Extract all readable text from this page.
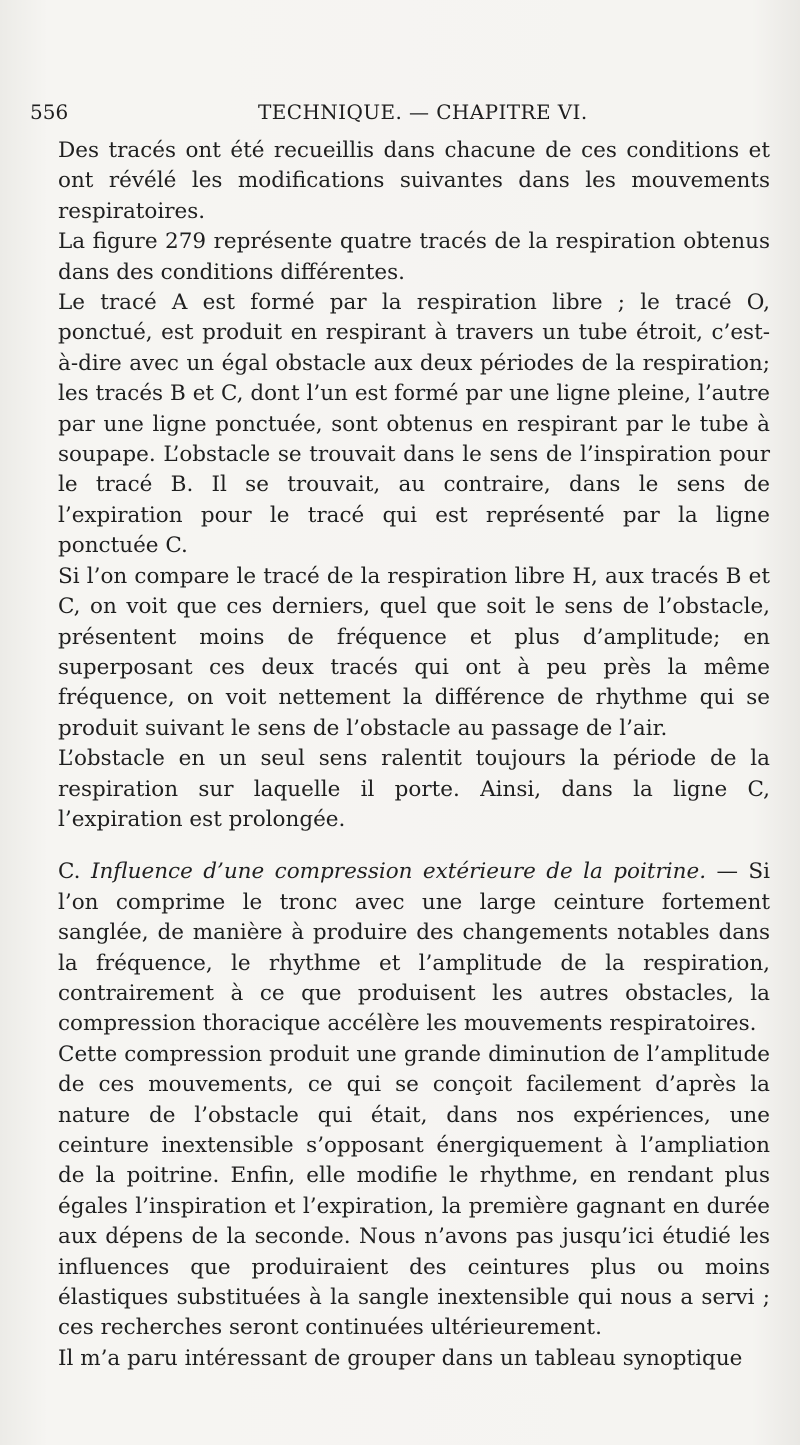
556	TECHNIQUE. — CHAPITRE VI.

Des tracés ont été recueillis dans chacune de ces conditions et ont révélé les modifications suivantes dans les mouvements respiratoires.

La figure 279 représente quatre tracés de la respiration obtenus dans des conditions différentes.

Le tracé A est formé par la respiration libre ; le tracé O, ponctué, est produit en respirant à travers un tube étroit, c’est-à-dire avec un égal obstacle aux deux périodes de la respiration; les tracés B et C, dont l’un est formé par une ligne pleine, l’autre par une ligne ponctuée, sont obtenus en respirant par le tube à soupape. L’obstacle se trouvait dans le sens de l’inspiration pour le tracé B. Il se trouvait, au contraire, dans le sens de l’expiration pour le tracé qui est représenté par la ligne ponctuée C.

Si l’on compare le tracé de la respiration libre H, aux tracés B et C, on voit que ces derniers, quel que soit le sens de l’obstacle, présentent moins de fréquence et plus d’amplitude; en superposant ces deux tracés qui ont à peu près la même fréquence, on voit nettement la différence de rhythme qui se produit suivant le sens de l’obstacle au passage de l’air.

L’obstacle en un seul sens ralentit toujours la période de la respiration sur laquelle il porte. Ainsi, dans la ligne C, l’expiration est prolongée.

C. Influence d’une compression extérieure de la poitrine. — Si l’on comprime le tronc avec une large ceinture fortement sanglée, de manière à produire des changements notables dans la fréquence, le rhythme et l’amplitude de la respiration, contrairement à ce que produisent les autres obstacles, la compression thoracique accélère les mouvements respiratoires.

Cette compression produit une grande diminution de l’amplitude de ces mouvements, ce qui se conçoit facilement d’après la nature de l’obstacle qui était, dans nos expériences, une ceinture inextensible s’opposant énergiquement à l’ampliation de la poitrine. Enfin, elle modifie le rhythme, en rendant plus égales l’inspiration et l’expiration, la première gagnant en durée aux dépens de la seconde. Nous n’avons pas jusqu’ici étudié les influences que produiraient des ceintures plus ou moins élastiques substituées à la sangle inextensible qui nous a servi ; ces recherches seront continuées ultérieurement.

Il m’a paru intéressant de grouper dans un tableau synoptique
